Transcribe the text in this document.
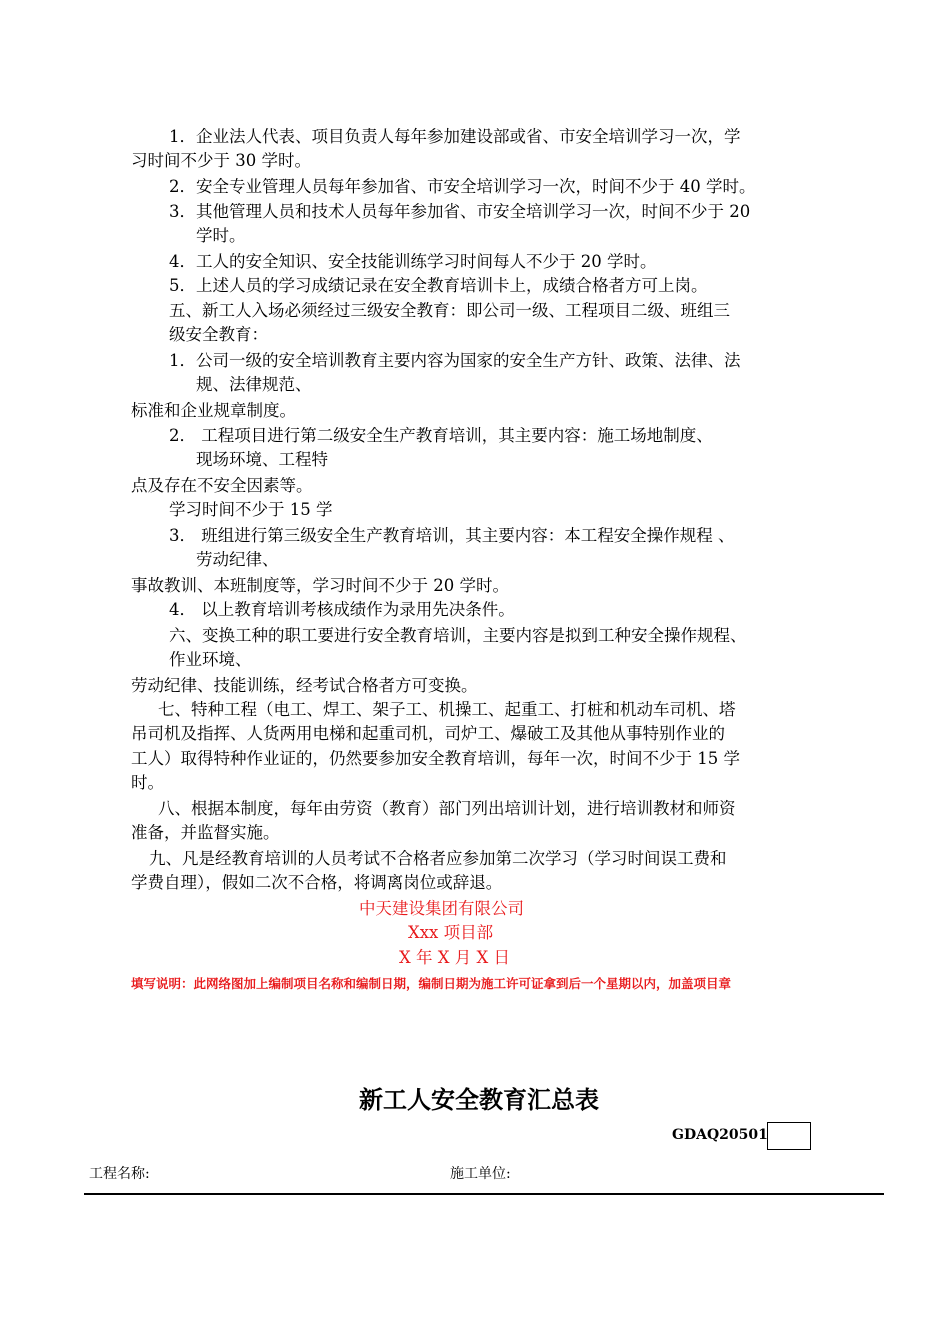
1．企业法人代表、项目负责人每年参加建设部或省、市安全培训学习一次，学
习时间不少于 30 学时。
2．安全专业管理人员每年参加省、市安全培训学习一次，时间不少于 40 学时。
3．其他管理人员和技术人员每年参加省、市安全培训学习一次，时间不少于 20
学时。
4．工人的安全知识、安全技能训练学习时间每人不少于 20 学时。
5．上述人员的学习成绩记录在安全教育培训卡上，成绩合格者方可上岗。
五、新工人入场必须经过三级安全教育：即公司一级、工程项目二级、班组三
级安全教育：
1．公司一级的安全培训教育主要内容为国家的安全生产方针、政策、法律、法
规、法律规范、
标准和企业规章制度。
2． 工程项目进行第二级安全生产教育培训，其主要内容：施工场地制度、
现场环境、工程特
点及存在不安全因素等。
学习时间不少于 15 学
3． 班组进行第三级安全生产教育培训，其主要内容：本工程安全操作规程 、
劳动纪律、
事故教训、本班制度等，学习时间不少于 20 学时。
4． 以上教育培训考核成绩作为录用先决条件。
六、变换工种的职工要进行安全教育培训，主要内容是拟到工种安全操作规程、
作业环境、
劳动纪律、技能训练，经考试合格者方可变换。
七、特种工程（电工、焊工、架子工、机操工、起重工、打桩和机动车司机、塔
吊司机及指挥、人货两用电梯和起重司机，司炉工、爆破工及其他从事特别作业的
工人）取得特种作业证的，仍然要参加安全教育培训，每年一次，时间不少于 15 学
时。
八、根据本制度，每年由劳资（教育）部门列出培训计划，进行培训教材和师资
准备，并监督实施。
九、凡是经教育培训的人员考试不合格者应参加第二次学习（学习时间误工费和
学费自理），假如二次不合格，将调离岗位或辞退。
中天建设集团有限公司
Xxx 项目部
X 年 X 月 X 日
填写说明：此网络图加上编制项目名称和编制日期，编制日期为施工许可证拿到后一个星期以内，加盖项目章
新工人安全教育汇总表
GDAQ20501
工程名称:	施工单位:
